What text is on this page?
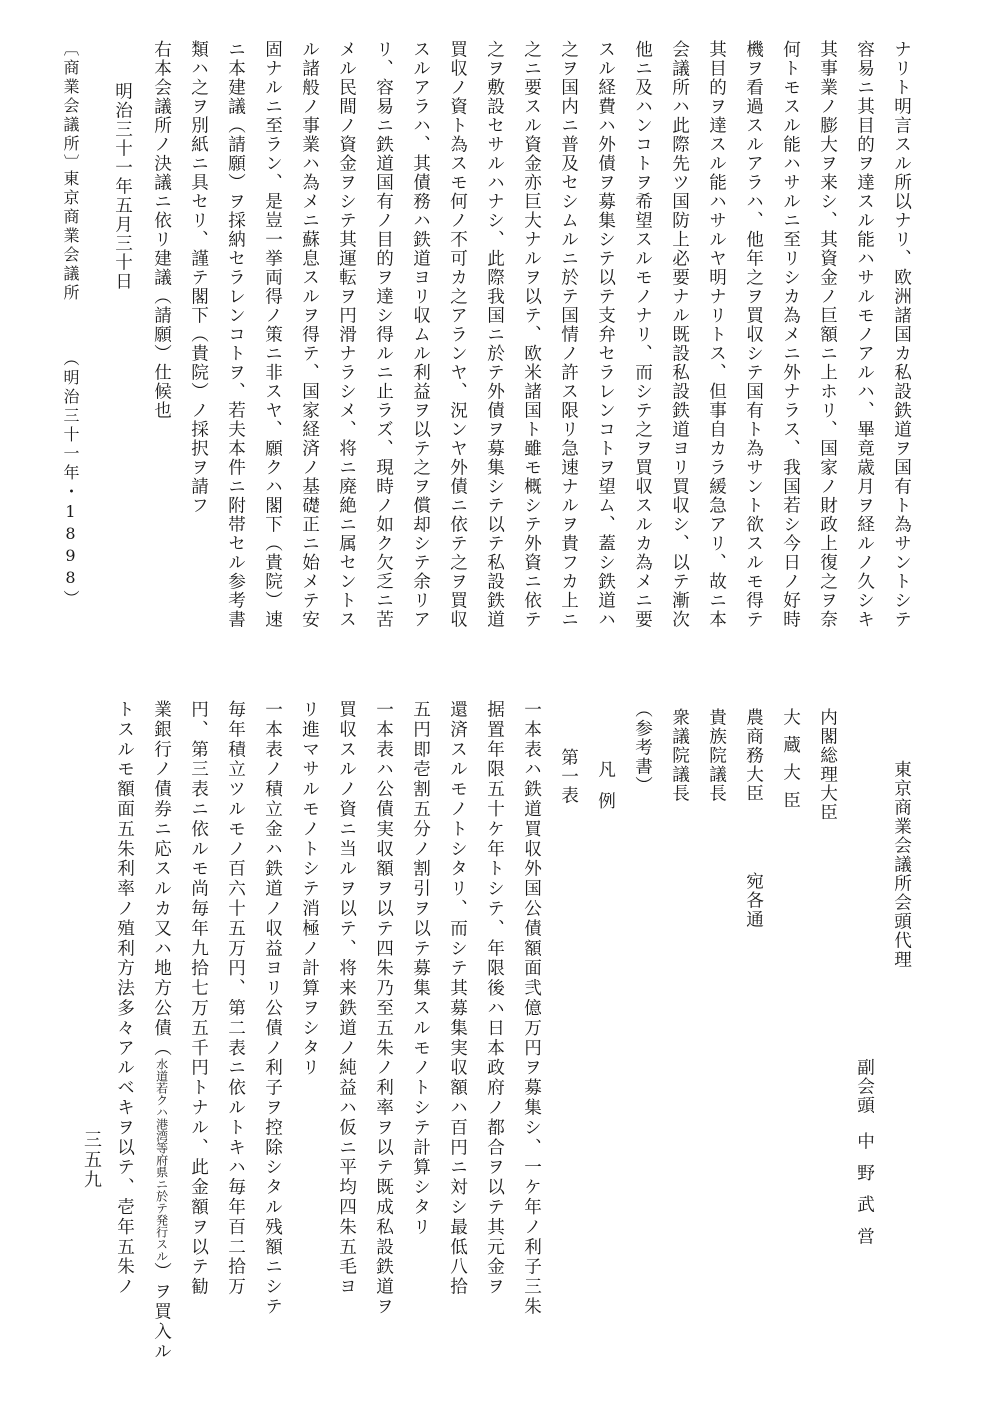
ナリト明言スル所以ナリ、欧洲諸国カ私設鉄道ヲ国有ト為サントシテ
容易ニ其目的ヲ達スル能ハサルモノアルハ、畢竟歳月ヲ経ルノ久シキ
其事業ノ膨大ヲ来シ、其資金ノ巨額ニ上ホリ、国家ノ財政上復之ヲ奈
何トモスル能ハサルニ至リシカ為メニ外ナラス、我国若シ今日ノ好時
機ヲ看過スルアラハ、他年之ヲ買収シテ国有ト為サント欲スルモ得テ
其目的ヲ達スル能ハサルヤ明ナリトス、但事自カラ緩急アリ、故ニ本
会議所ハ此際先ツ国防上必要ナル既設私設鉄道ヨリ買収シ、以テ漸次
他ニ及ハンコトヲ希望スルモノナリ、而シテ之ヲ買収スルカ為メニ要
スル経費ハ外債ヲ募集シテ以テ支弁セラレンコトヲ望ム、蓋シ鉄道ハ
之ヲ国内ニ普及セシムルニ於テ国情ノ許ス限リ急速ナルヲ貴フカ上ニ
之ニ要スル資金亦巨大ナルヲ以テ、欧米諸国ト雖モ概シテ外資ニ依テ
之ヲ敷設セサルハナシ、此際我国ニ於テ外債ヲ募集シテ以テ私設鉄道
買収ノ資ト為スモ何ノ不可カ之アランヤ、況ンヤ外債ニ依テ之ヲ買収
スルアラハ、其債務ハ鉄道ヨリ収ムル利益ヲ以テ之ヲ償却シテ余リア
リ、容易ニ鉄道国有ノ目的ヲ達シ得ルニ止ラズ、現時ノ如ク欠乏ニ苦
メル民間ノ資金ヲシテ其運転ヲ円滑ナラシメ、将ニ廃絶ニ属セントス
ル諸般ノ事業ハ為メニ蘇息スルヲ得テ、国家経済ノ基礎正ニ始メテ安
固ナルニ至ラン、是豈一挙両得ノ策ニ非スヤ、願クハ閣下（貴院）速
ニ本建議（請願）ヲ採納セラレンコトヲ、若夫本件ニ附帯セル参考書
類ハ之ヲ別紙ニ具セリ、謹テ閣下（貴院）ノ採択ヲ請フ
右本会議所ノ決議ニ依リ建議（請願）仕候也
明治三十一年五月三十日
〔商業会議所〕
東京商業会議所
（明治三十一年・1898）
東京商業会議所会頭代理
副会頭
中野武営
内閣総理大臣
大蔵大臣
農商務大臣
宛各通
貴族院議長
衆議院議長
（参考書）
凡例
第一表
一本表ハ鉄道買収外国公債額面弐億万円ヲ募集シ、一ケ年ノ利子三朱
据置年限五十ケ年トシテ、年限後ハ日本政府ノ都合ヲ以テ其元金ヲ
還済スルモノトシタリ、而シテ其募集実収額ハ百円ニ対シ最低八拾
五円即壱割五分ノ割引ヲ以テ募集スルモノトシテ計算シタリ
一本表ハ公債実収額ヲ以テ四朱乃至五朱ノ利率ヲ以テ既成私設鉄道ヲ
買収スルノ資ニ当ルヲ以テ、将来鉄道ノ純益ハ仮ニ平均四朱五毛ヨ
リ進マサルモノトシテ消極ノ計算ヲシタリ
一本表ノ積立金ハ鉄道ノ収益ヨリ公債ノ利子ヲ控除シタル残額ニシテ
毎年積立ツルモノ百六十五万円、第二表ニ依ルトキハ毎年百二拾万
円、第三表ニ依ルモ尚毎年九拾七万五千円トナル、此金額ヲ以テ勧
業銀行ノ債券ニ応スルカ又ハ地方公債（
府県ニ於テ発行スル
水道若クハ港湾等
）ヲ買入ル
トスルモ額面五朱利率ノ殖利方法多々アルベキヲ以テ、壱年五朱ノ
三五九
